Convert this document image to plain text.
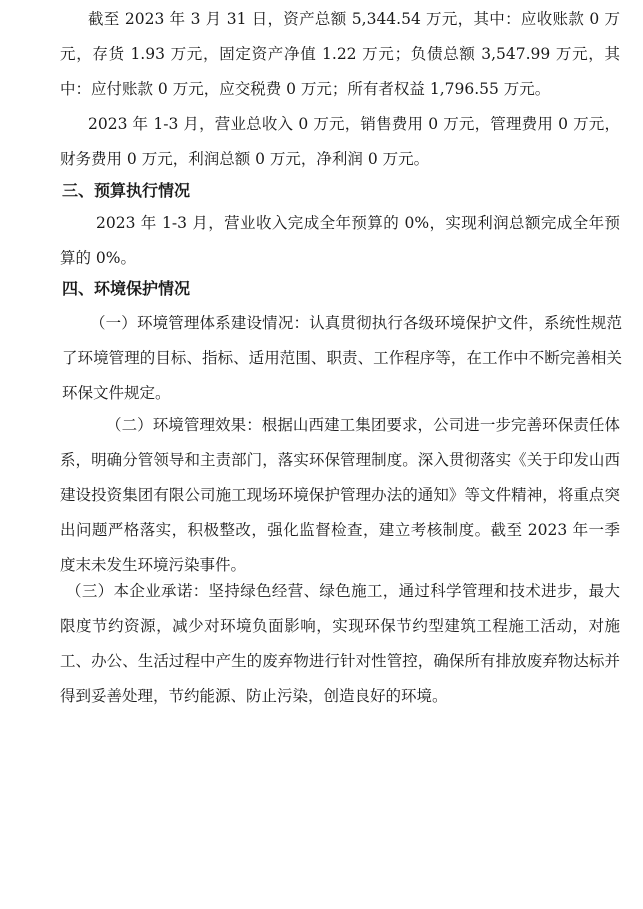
截至 2023 年 3 月 31 日，资产总额 5,344.54 万元，其中：应收账款 0 万元，存货 1.93 万元，固定资产净值 1.22 万元；负债总额 3,547.99 万元，其中：应付账款 0 万元，应交税费 0 万元；所有者权益 1,796.55 万元。

2023 年 1-3 月，营业总收入 0 万元，销售费用 0 万元，管理费用 0 万元，财务费用 0 万元，利润总额 0 万元，净利润 0 万元。

三、预算执行情况

2023 年 1-3 月，营业收入完成全年预算的 0%，实现利润总额完成全年预算的 0%。

四、环境保护情况

（一）环境管理体系建设情况：认真贯彻执行各级环境保护文件，系统性规范了环境管理的目标、指标、适用范围、职责、工作程序等，在工作中不断完善相关环保文件规定。

（二）环境管理效果：根据山西建工集团要求，公司进一步完善环保责任体系，明确分管领导和主责部门，落实环保管理制度。深入贯彻落实《关于印发山西建设投资集团有限公司施工现场环境保护管理办法的通知》等文件精神，将重点突出问题严格落实，积极整改，强化监督检查，建立考核制度。截至 2023 年一季度末未发生环境污染事件。

（三）本企业承诺：坚持绿色经营、绿色施工，通过科学管理和技术进步，最大限度节约资源，减少对环境负面影响，实现环保节约型建筑工程施工活动，对施工、办公、生活过程中产生的废弃物进行针对性管控，确保所有排放废弃物达标并得到妥善处理，节约能源、防止污染，创造良好的环境。
